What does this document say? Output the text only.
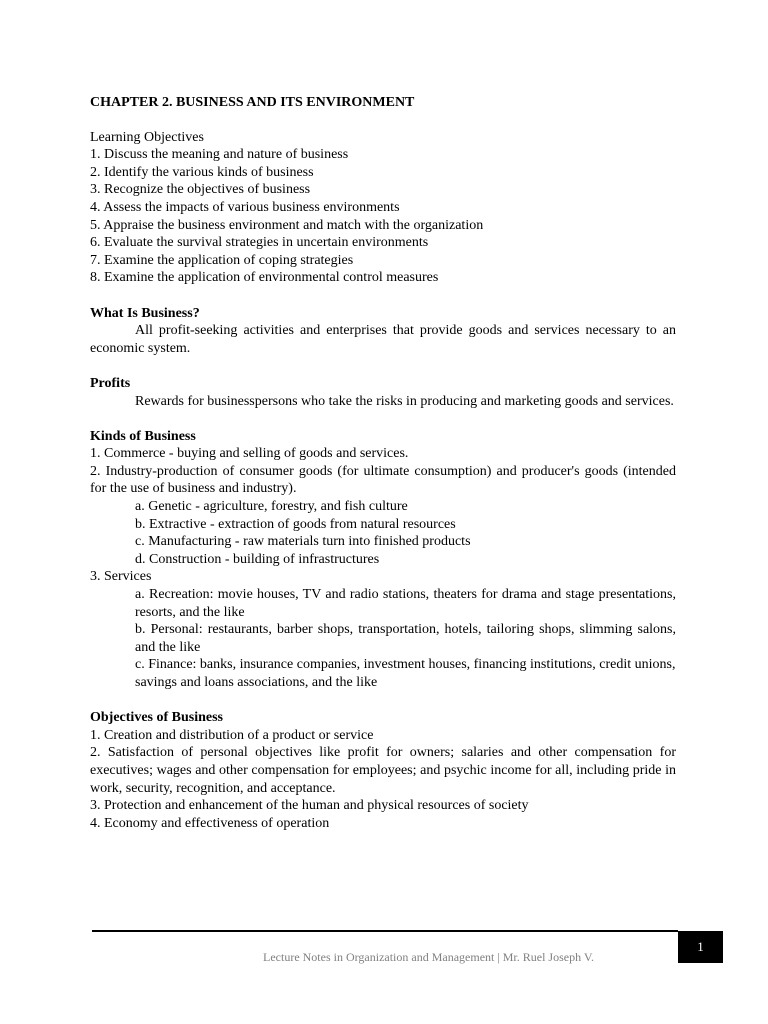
CHAPTER 2. BUSINESS AND ITS ENVIRONMENT

Learning Objectives

1. Discuss the meaning and nature of business

2. Identify the various kinds of business

3. Recognize the objectives of business

4. Assess the impacts of various business environments

5. Appraise the business environment and match with the organization

6. Evaluate the survival strategies in uncertain environments

7. Examine the application of coping strategies

8. Examine the application of environmental control measures

What Is Business?

All profit-seeking activities and enterprises that provide goods and services necessary to an economic system.

Profits

Rewards for businesspersons who take the risks in producing and marketing goods and services.

Kinds of Business

1. Commerce - buying and selling of goods and services.

2. Industry-production of consumer goods (for ultimate consumption) and producer's goods (intended for the use of business and industry).

a. Genetic - agriculture, forestry, and fish culture

b. Extractive - extraction of goods from natural resources

c. Manufacturing - raw materials turn into finished products

d. Construction - building of infrastructures

3. Services

a. Recreation: movie houses, TV and radio stations, theaters for drama and stage presentations, resorts, and the like

b. Personal: restaurants, barber shops, transportation, hotels, tailoring shops, slimming salons, and the like

c. Finance: banks, insurance companies, investment houses, financing institutions, credit unions, savings and loans associations, and the like

Objectives of Business

1. Creation and distribution of a product or service

2. Satisfaction of personal objectives like profit for owners; salaries and other compensation for executives; wages and other compensation for employees; and psychic income for all, including pride in work, security, recognition, and acceptance.

3. Protection and enhancement of the human and physical resources of society

4. Economy and effectiveness of operation

Lecture Notes in Organization and Management | Mr. Ruel Joseph V.
1
